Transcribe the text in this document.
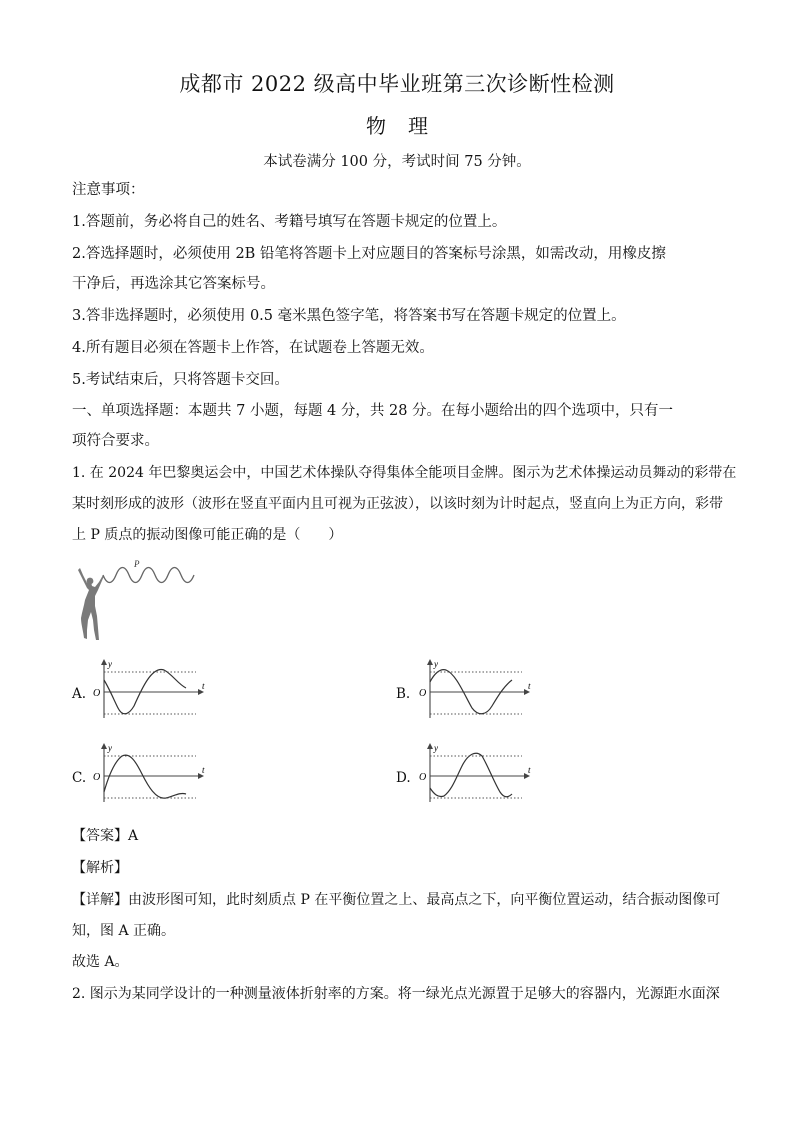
成都市 2022 级高中毕业班第三次诊断性检测
物理
本试卷满分 100 分，考试时间 75 分钟。
注意事项：
1.答题前，务必将自己的姓名、考籍号填写在答题卡规定的位置上。
2.答选择题时，必须使用 2B 铅笔将答题卡上对应题目的答案标号涂黑，如需改动，用橡皮擦
干净后，再选涂其它答案标号。
3.答非选择题时，必须使用 0.5 毫米黑色签字笔，将答案书写在答题卡规定的位置上。
4.所有题目必须在答题卡上作答，在试题卷上答题无效。
5.考试结束后，只将答题卡交回。
一、单项选择题：本题共 7 小题，每题 4 分，共 28 分。在每小题给出的四个选项中，只有一
项符合要求。
1. 在 2024 年巴黎奥运会中，中国艺术体操队夺得集体全能项目金牌。图示为艺术体操运动员舞动的彩带在
某时刻形成的波形（波形在竖直平面内且可视为正弦波），以该时刻为计时起点，竖直向上为正方向，彩带
上 P 质点的振动图像可能正确的是（　　）
P
A.
y
t
O	B.
y
t
O
C.
y
t
O	D.
y
t
O
【答案】A
【解析】
【详解】由波形图可知，此时刻质点 P 在平衡位置之上、最高点之下，向平衡位置运动，结合振动图像可
知，图 A 正确。
故选 A。
2. 图示为某同学设计的一种测量液体折射率的方案。将一绿光点光源置于足够大的容器内，光源距水面深
